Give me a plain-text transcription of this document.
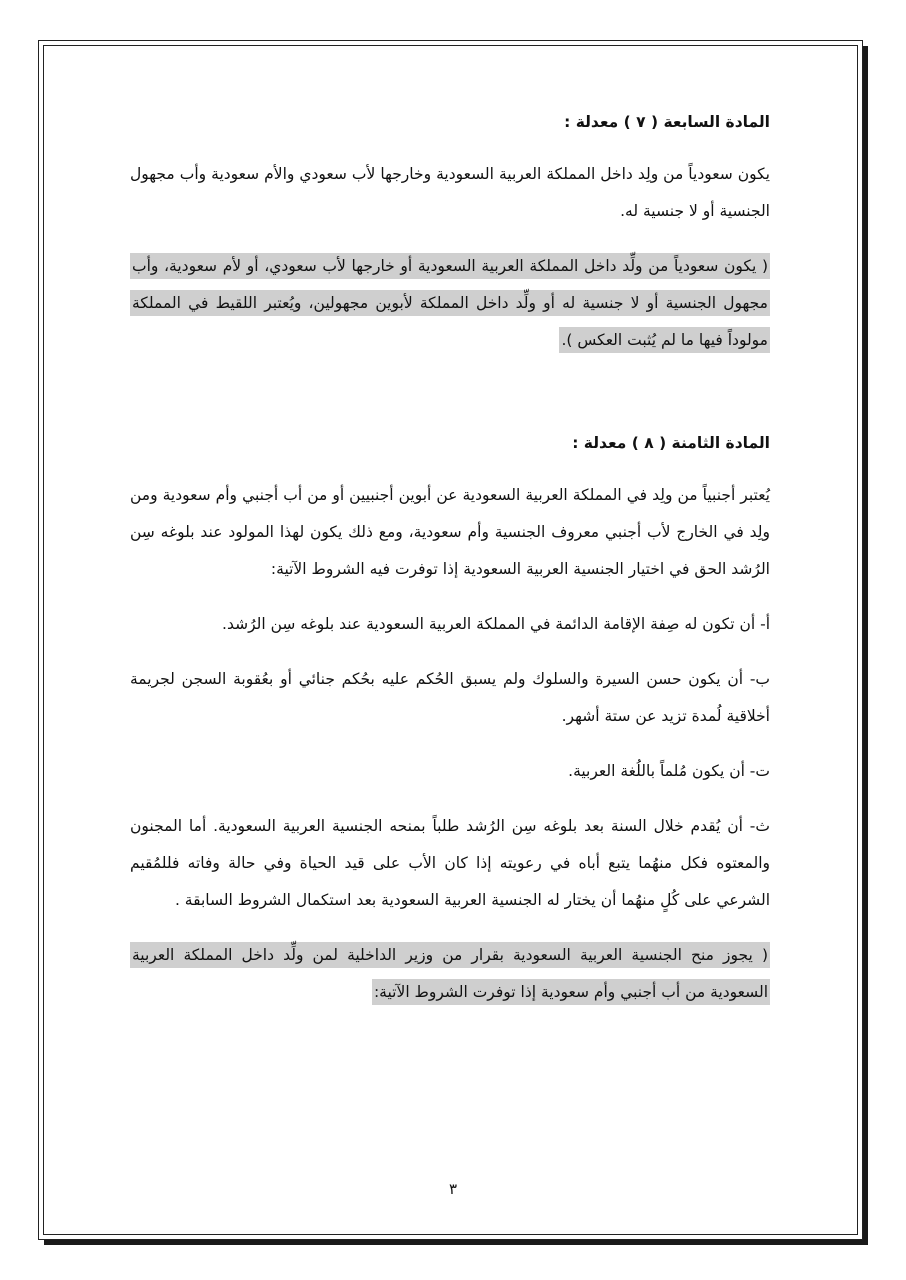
المادة السابعة ( ٧ ) معدلة :

يكون سعودياً من ولِد داخل المملكة العربية السعودية وخارجها لأب سعودي والأم سعودية وأب مجهول الجنسية أو لا جنسية له.

( يكون سعودياً من ولِّد داخل المملكة العربية السعودية أو خارجها لأب سعودي، أو لأم سعودية، وأب مجهول الجنسية أو لا جنسية له أو ولِّد داخل المملكة لأبوين مجهولين، ويُعتبر اللقيط في المملكة مولوداً فيها ما لم يُثبت العكس ).

المادة الثامنة ( ٨ ) معدلة :

يُعتبر أجنبياً من ولِد في المملكة العربية السعودية عن أبوين أجنبيين أو من أب أجنبي وأم سعودية ومن ولِد في الخارج لأب أجنبي معروف الجنسية وأم سعودية، ومع ذلك يكون لهذا المولود عند بلوغه سِن الرُشد الحق في اختيار الجنسية العربية السعودية إذا توفرت فيه الشروط الآتية:

أ- أن تكون له صِفة الإقامة الدائمة في المملكة العربية السعودية عند بلوغه سِن الرُشد.

ب- أن يكون حسن السيرة والسلوك ولم يسبق الحُكم عليه بحُكم جنائي أو بعُقوبة السجن لجريمة أخلاقية لُمدة تزيد عن ستة أشهر.

ت- أن يكون مُلماً باللُغة العربية.

ث- أن يُقدم خلال السنة بعد بلوغه سِن الرُشد طلباً بمنحه الجنسية العربية السعودية. أما المجنون والمعتوه فكل منهُما يتبع أباه في رعويته إذا كان الأب على قيد الحياة وفي حالة وفاته فللمُقيم الشرعي على كُلٍ منهُما أن يختار له الجنسية العربية السعودية بعد استكمال الشروط السابقة .

( يجوز منح الجنسية العربية السعودية بقرار من وزير الداخلية لمن ولِّد داخل المملكة العربية السعودية من أب أجنبي وأم سعودية إذا توفرت الشروط الآتية:

٣
